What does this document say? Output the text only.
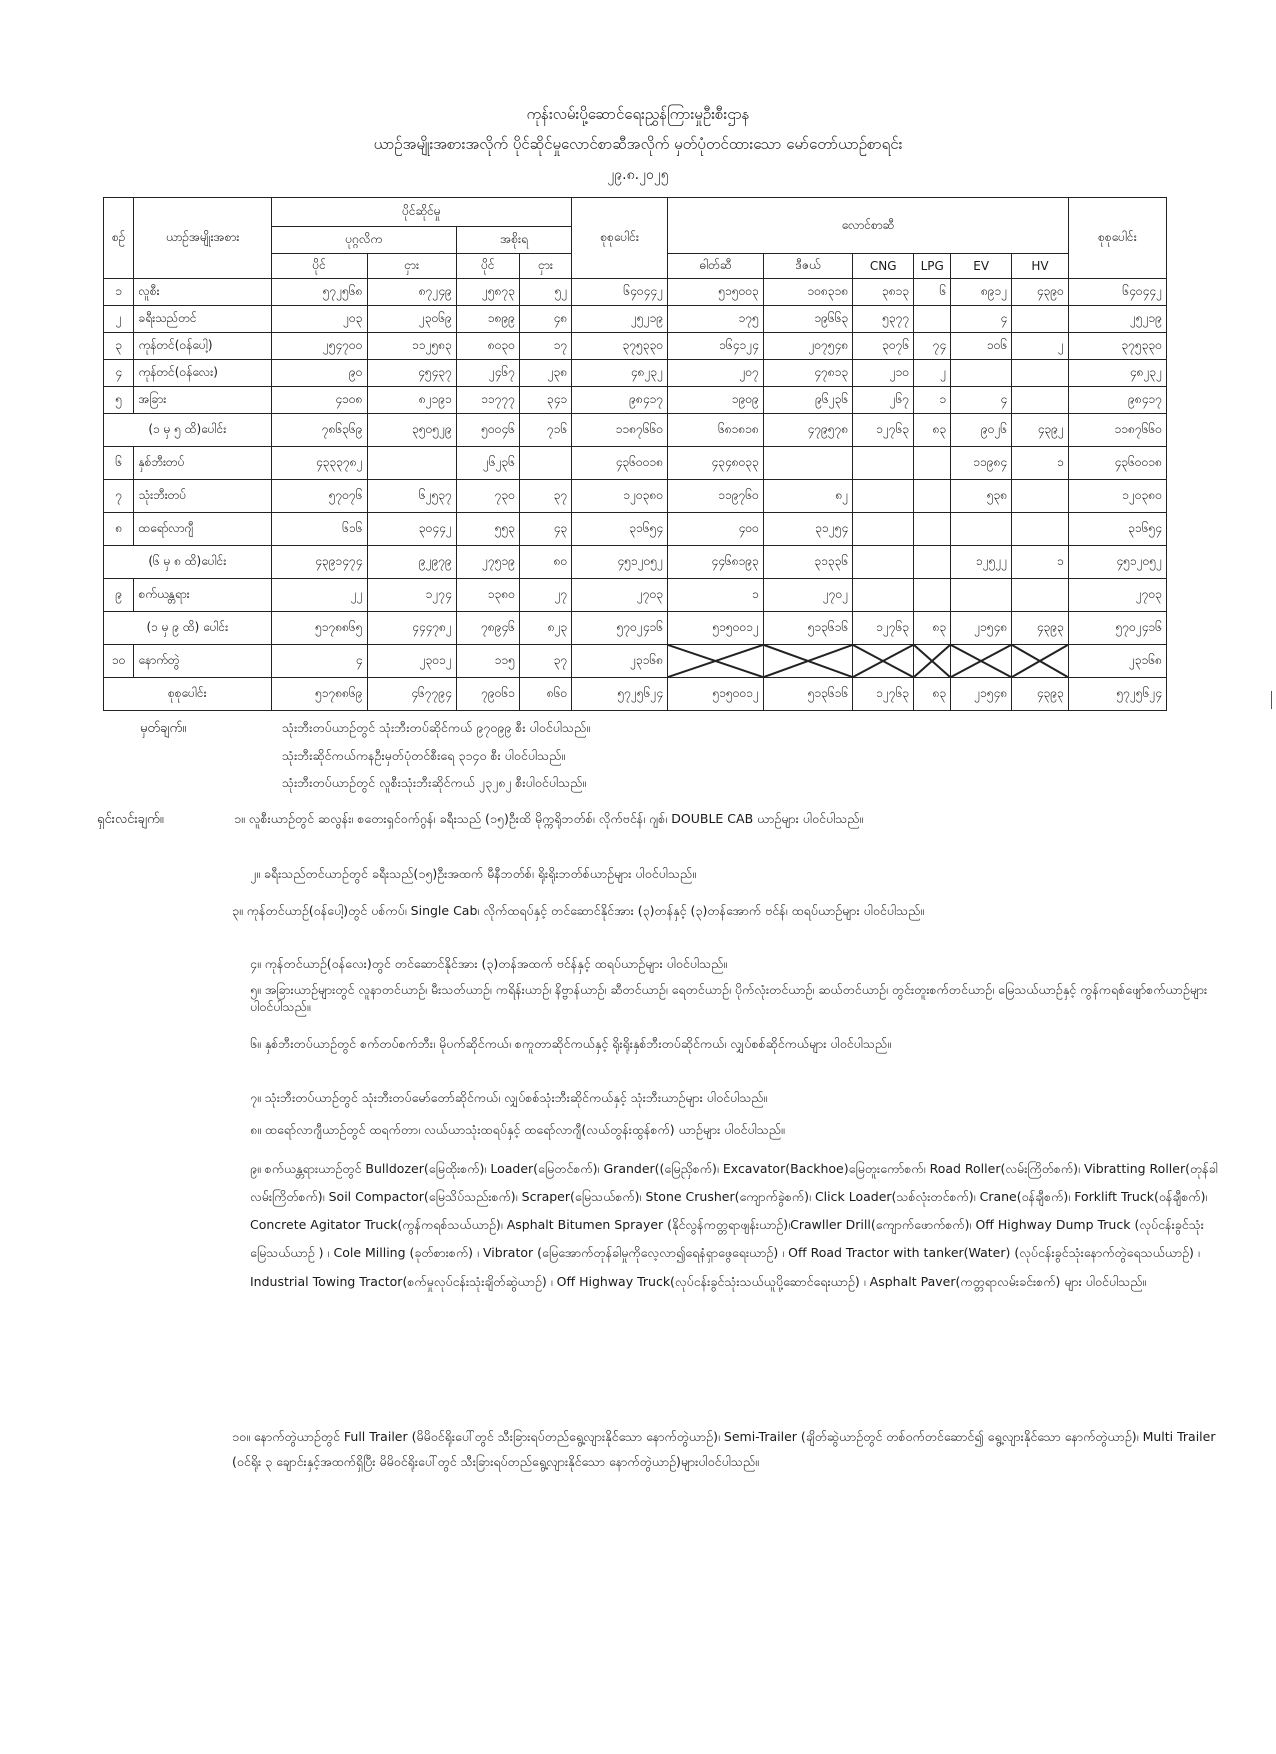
ကုန်းလမ်းပို့ဆောင်ရေးညွှန်ကြားမှုဦးစီးဌာန
ယာဉ်အမျိုးအစားအလိုက် ပိုင်ဆိုင်မှုလောင်စာဆီအလိုက် မှတ်ပုံတင်ထားသော မော်တော်ယာဉ်စာရင်း
၂၉.၈.၂၀၂၅
စဉ်	ယာဉ်အမျိုးအစား	ပိုင်ဆိုင်မှု				စုစုပေါင်း	လောင်စာဆီ						စုစုပေါင်း
		ပုဂ္ဂလိက		အစိုးရ									
		ပိုင်	ငှား	ပိုင်	ငှား		ဓါတ်ဆီ	ဒီဇယ်	CNG	LPG	EV	HV	
၁	လူစီး	၅၇၂၅၆၈	၈၇၂၄၉	၂၅၈၇၃	၅၂	၆၄၀၄၄၂	၅၁၅၀၀၃	၁၀၈၃၁၈	၃၈၁၃	၆	၈၉၁၂	၄၃၉၀	၆၄၀၄၄၂
၂	ခရီးသည်တင်	၂၀၃	၂၃၀၆၉	၁၈၉၉	၄၈	၂၅၂၁၉	၁၇၅	၁၉၆၆၃	၅၃၇၇		၄		၂၅၂၁၉
၃	ကုန်တင်(ဝန်ပေါ့)	၂၅၄၇၀၀	၁၁၂၅၈၃	၈၀၃၀	၁၇	၃၇၅၃၃၀	၁၆၄၁၂၄	၂၀၇၅၄၈	၃၀၇၆	၇၄	၁၀၆	၂	၃၇၅၃၃၀
၄	ကုန်တင်(ဝန်လေး)	၉၀	၄၅၄၃၇	၂၄၆၇	၂၃၈	၄၈၂၃၂	၂၀၇	၄၇၈၁၃	၂၁၀	၂			၄၈၂၃၂
၅	အခြား	၄၁၀၈	၈၂၁၉၁	၁၁၇၇၇	၃၄၁	၉၈၄၁၇	၁၉၀၉	၉၆၂၃၆	၂၆၇	၁	၄		၉၈၄၁၇
(၁ မှ ၅ ထိ)ပေါင်း		၇၈၆၃၆၉	၃၅၀၅၂၉	၅၀၀၄၆	၇၁၆	၁၁၈၇၆၆၀	၆၈၁၈၁၈	၄၇၉၅၇၈	၁၂၇၆၃	၈၃	၉၀၂၆	၄၃၉၂	၁၁၈၇၆၆၀
၆	နှစ်ဘီးတပ်	၄၃၃၃၇၈၂		၂၆၂၃၆		၄၃၆၀၀၁၈	၄၃၄၈၀၃၃				၁၁၉၈၄	၁	၄၃၆၀၀၁၈
၇	သုံးဘီးတပ်	၅၇၀၇၆	၆၂၅၃၇	၇၃၀	၃၇	၁၂၀၃၈၀	၁၁၉၇၆၀	၈၂			၅၃၈		၁၂၀၃၈၀
၈	ထရော်လာဂျီ	၆၁၆	၃၀၄၄၂	၅၅၃	၄၃	၃၁၆၅၄	၄၀၀	၃၁၂၅၄					၃၁၆၅၄
(၆ မှ ၈ ထိ)ပေါင်း		၄၃၉၁၄၇၄	၉၂၉၇၉	၂၇၅၁၉	၈၀	၄၅၁၂၀၅၂	၄၄၆၈၁၉၃	၃၁၃၃၆			၁၂၅၂၂	၁	၄၅၁၂၀၅၂
၉	စက်ယန္တရား	၂၂	၁၂၇၄	၁၃၈၀	၂၇	၂၇၀၃	၁	၂၇၀၂					၂၇၀၃
(၁ မှ ၉ ထိ) ပေါင်း		၅၁၇၈၈၆၅	၄၄၄၇၈၂	၇၈၉၄၆	၈၂၃	၅၇၀၂၄၁၆	၅၁၅၀၀၁၂	၅၁၃၆၁၆	၁၂၇၆၃	၈၃	၂၁၅၄၈	၄၃၉၃	၅၇၀၂၄၁၆
၁၀	နောက်တွဲ	၄	၂၃၀၁၂	၁၁၅	၃၇	၂၃၁၆၈							၂၃၁၆၈
စုစုပေါင်း		၅၁၇၈၈၆၉	၄၆၇၇၉၄	၇၉၀၆၁	၈၆၀	၅၇၂၅၆၂၄	၅၁၅၀၀၁၂	၅၁၃၆၁၆	၁၂၇၆၃	၈၃	၂၁၅၄၈	၄၃၉၃	၅၇၂၅၆၂၄
မှတ်ချက်။	သုံးဘီးတပ်ယာဉ်တွင် သုံးဘီးတပ်ဆိုင်ကယ် ၉၇၀၉၉ စီး ပါဝင်ပါသည်။
သုံးဘီးဆိုင်ကယ်ကနဦးမှတ်ပုံတင်စီးရေ ၃၁၄၀ စီး ပါဝင်ပါသည်။
သုံးဘီးတပ်ယာဉ်တွင် လူစီးသုံးဘီးဆိုင်ကယ် ၂၃၂၈၂ စီးပါဝင်ပါသည်။
ရှင်းလင်းချက်။	၁။ လူစီးယာဉ်တွင် ဆလွန်း၊ စတေးရှင်ဝက်ဂွန်၊ ခရီးသည် (၁၅)ဦးထိ မိုက္ကရိုဘတ်စ်၊ လိုက်ဗင်န်၊ ဂျစ်၊ DOUBLE CAB ယာဉ်များ ပါဝင်ပါသည်။
၂။ ခရီးသည်တင်ယာဉ်တွင် ခရီးသည်(၁၅)ဦးအထက် မီနီဘတ်စ်၊ ရိုးရိုးဘတ်စ်ယာဉ်များ ပါဝင်ပါသည်။
၃။ ကုန်တင်ယာဉ်(ဝန်ပေါ့)တွင် ပစ်ကပ်၊ Single Cab၊ လိုက်ထရပ်နှင့် တင်ဆောင်နိုင်အား (၃)တန်နှင့် (၃)တန်အောက် ဗင်န်၊ ထရပ်ယာဉ်များ ပါဝင်ပါသည်။
၄။ ကုန်တင်ယာဉ်(ဝန်လေး)တွင် တင်ဆောင်နိုင်အား (၃)တန်အထက် ဗင်န်နှင့် ထရပ်ယာဉ်များ ပါဝင်ပါသည်။
၅။ အခြားယာဉ်များတွင် လူနာတင်ယာဉ်၊ မီးသတ်ယာဉ်၊ ကရိန်းယာဉ်၊ နိဗ္ဗာန်ယာဉ်၊ ဆီတင်ယာဉ်၊ ရေတင်ယာဉ်၊ ပိုက်လုံးတင်ယာဉ်၊ ဆယ်တင်ယာဉ်၊ တွင်းတူးစက်တင်ယာဉ်၊ မြေသယ်ယာဉ်နှင့် ကွန်ကရစ်ဖျော်စက်ယာဉ်များ ပါဝင်ပါသည်။
၆။ နှစ်ဘီးတပ်ယာဉ်တွင် စက်တပ်စက်ဘီး၊ မိုပက်ဆိုင်ကယ်၊ စကူတာဆိုင်ကယ်နှင့် ရိုးရိုးနှစ်ဘီးတပ်ဆိုင်ကယ်၊ လျှပ်စစ်ဆိုင်ကယ်များ ပါဝင်ပါသည်။
၇။ သုံးဘီးတပ်ယာဉ်တွင် သုံးဘီးတပ်မော်တော်ဆိုင်ကယ်၊ လျှပ်စစ်သုံးဘီးဆိုင်ကယ်နှင့် သုံးဘီးယာဉ်များ ပါဝင်ပါသည်။
၈။ ထရော်လာဂျီယာဉ်တွင် ထရက်တာ၊ လယ်ယာသုံးထရပ်နှင့် ထရော်လာဂျီ(လယ်တွန်းထွန်စက်) ယာဉ်များ ပါဝင်ပါသည်။
၉။ စက်ယန္တရားယာဉ်တွင် Bulldozer(မြေထိုးစက်)၊ Loader(မြေတင်စက်)၊ Grander((မြေညှိစက်)၊ Excavator(Backhoe)မြေတူးကော်စက်၊ Road Roller(လမ်းကြိတ်စက်)၊ Vibratting Roller(တုန်ခါလမ်းကြိတ်စက်)၊ Soil Compactor(မြေသိပ်သည်းစက်)၊ Scraper(မြေသယ်စက်)၊ Stone Crusher(ကျောက်ခွဲစက်)၊ Click Loader(သစ်လုံးတင်စက်)၊ Crane(ဝန်ချီစက်)၊ Forklift Truck(ဝန်ချီစက်)၊ Concrete Agitator Truck(ကွန်ကရစ်သယ်ယာဉ်)၊ Asphalt Bitumen Sprayer (နိုင်လွန်ကတ္တရာဖျန်းယာဉ်)၊Crawller Drill(ကျောက်ဖောက်စက်)၊ Off Highway Dump Truck (လုပ်ငန်းခွင်သုံးမြေသယ်ယာဉ် ) ၊ Cole Milling (ခုတ်စားစက်) ၊ Vibrator (မြေအောက်တုန်ခါမှုကိုလေ့လာ၍ရေနံရှာဖွေရေးယာဉ်) ၊ Off Road Tractor with tanker(Water) (လုပ်ငန်းခွင်သုံးနောက်တွဲရေသယ်ယာဉ်) ၊ Industrial Towing Tractor(စက်မှုလုပ်ငန်းသုံးချိတ်ဆွဲယာဉ်) ၊ Off Highway Truck(လုပ်ငန်းခွင်သုံးသယ်ယူပို့ဆောင်ရေးယာဉ်) ၊ Asphalt Paver(ကတ္တရာလမ်းခင်းစက်) များ ပါဝင်ပါသည်။
၁၀။ နောက်တွဲယာဉ်တွင် Full Trailer (မိမိဝင်ရိုးပေါ်တွင် သီးခြားရပ်တည်ရွေ့လျားနိုင်သော နောက်တွဲယာဉ်)၊ Semi-Trailer (ချိတ်ဆွဲယာဉ်တွင် တစ်ဝက်တင်ဆောင်၍ ရွေ့လျားနိုင်သော နောက်တွဲယာဉ်)၊ Multi Trailer (ဝင်ရိုး ၃ ချောင်းနှင့်အထက်ရှိပြီး မိမိဝင်ရိုးပေါ်တွင် သီးခြားရပ်တည်ရွေ့လျားနိုင်သော နောက်တွဲယာဉ်)များပါဝင်ပါသည်။
